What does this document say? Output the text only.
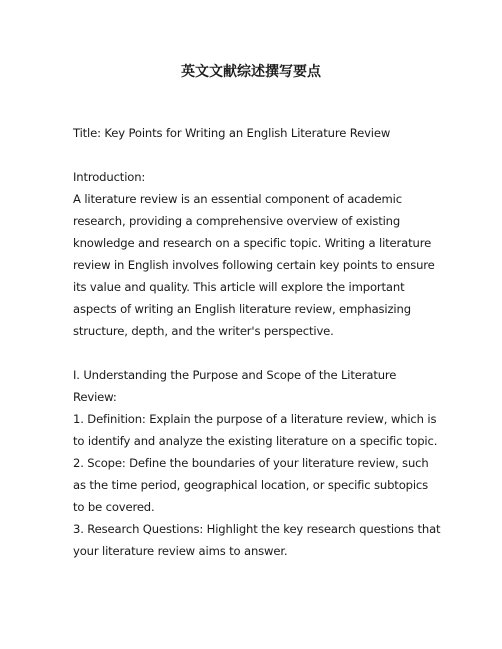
英文文献综述撰写要点

Title: Key Points for Writing an English Literature Review

Introduction:

A literature review is an essential component of academic
research, providing a comprehensive overview of existing
knowledge and research on a specific topic. Writing a literature
review in English involves following certain key points to ensure
its value and quality. This article will explore the important
aspects of writing an English literature review, emphasizing
structure, depth, and the writer's perspective.

I. Understanding the Purpose and Scope of the Literature
Review:

1. Definition: Explain the purpose of a literature review, which is
to identify and analyze the existing literature on a specific topic.

2. Scope: Define the boundaries of your literature review, such
as the time period, geographical location, or specific subtopics
to be covered.

3. Research Questions: Highlight the key research questions that
your literature review aims to answer.
